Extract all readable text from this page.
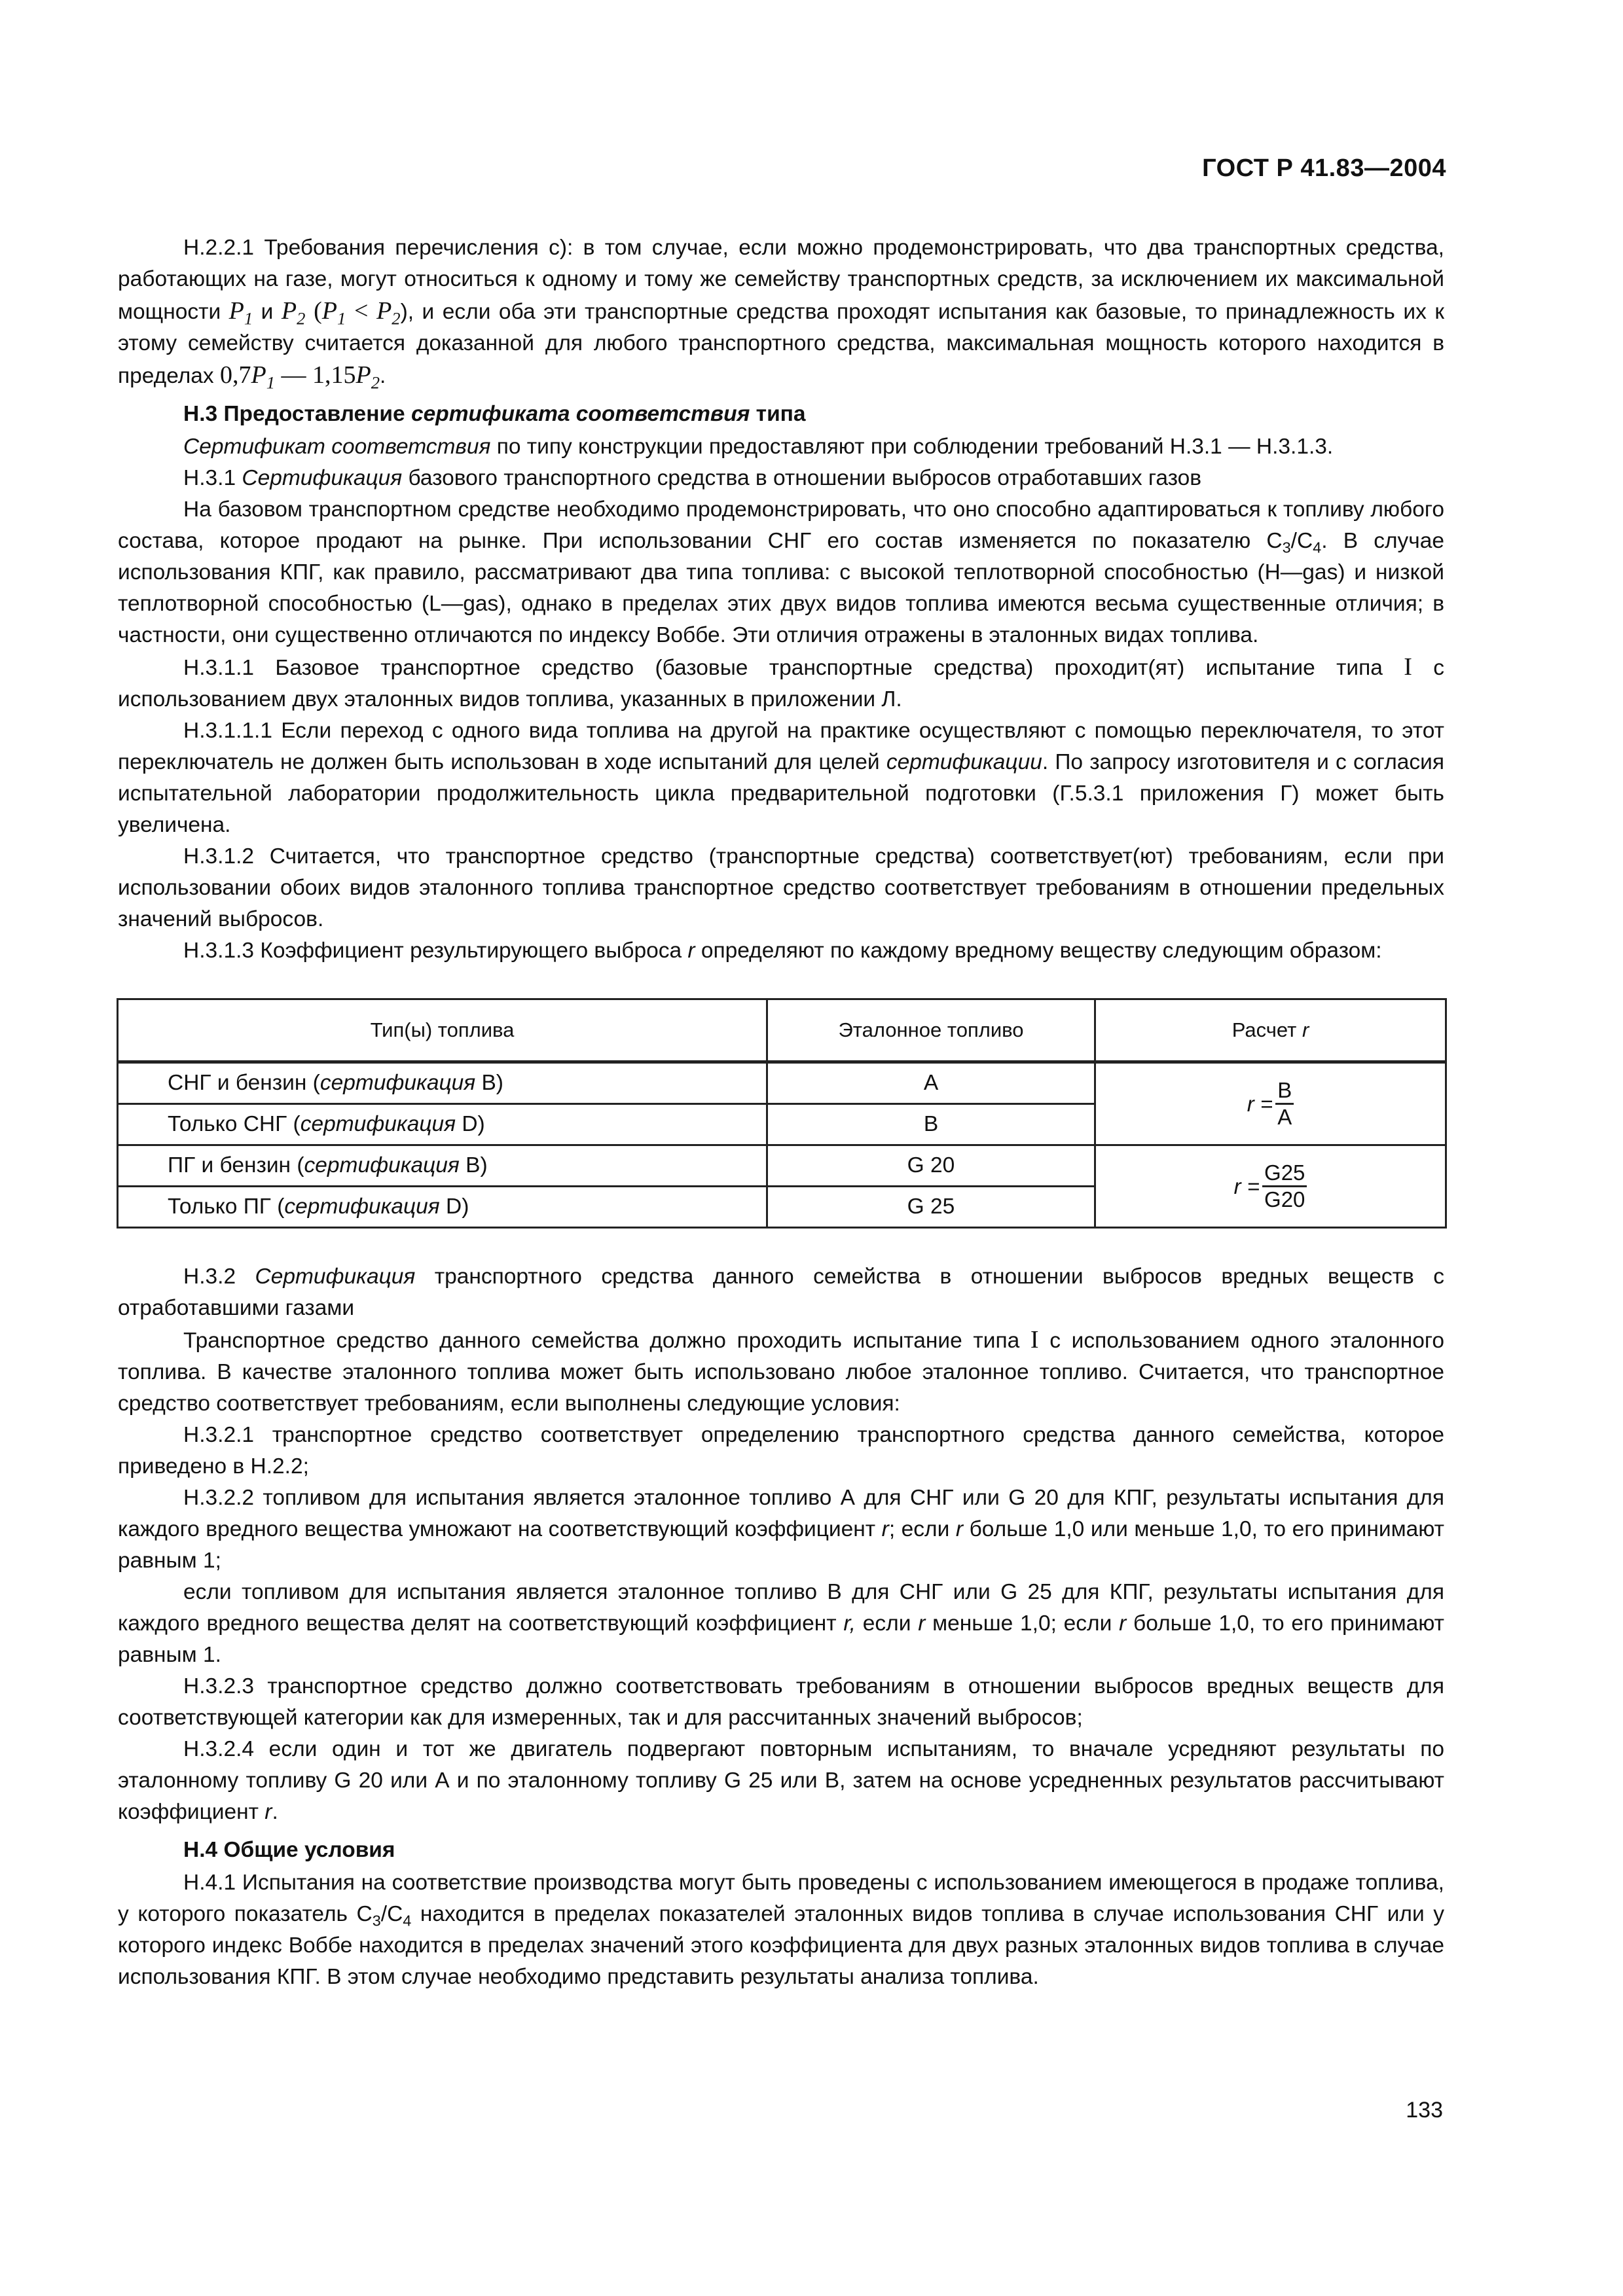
ГОСТ Р 41.83—2004

Н.2.2.1 Требования перечисления с): в том случае, если можно продемонстрировать, что два транспортных средства, работающих на газе, могут относиться к одному и тому же семейству транспортных средств, за исключением их максимальной мощности $P_1$ и $P_2$ $(P_1 < P_2)$, и если оба эти транспортные средства проходят испытания как базовые, то принадлежность их к этому семейству считается доказанной для любого транспортного средства, максимальная мощность которого находится в пределах $0,7P_1$ — $1,15P_2$.

Н.3 Предоставление сертификата соответствия типа

Сертификат соответствия по типу конструкции предоставляют при соблюдении требований Н.3.1 — Н.3.1.3.

Н.3.1 Сертификация базового транспортного средства в отношении выбросов отработавших газов

На базовом транспортном средстве необходимо продемонстрировать, что оно способно адаптироваться к топливу любого состава, которое продают на рынке. При использовании СНГ его состав изменяется по показателю $С_3/С_4$. В случае использования КПГ, как правило, рассматривают два типа топлива: с высокой теплотворной способностью (H—gas) и низкой теплотворной способностью (L—gas), однако в пределах этих двух видов топлива имеются весьма существенные отличия; в частности, они существенно отличаются по индексу Воббе. Эти отличия отражены в эталонных видах топлива.

Н.3.1.1 Базовое транспортное средство (базовые транспортные средства) проходит(ят) испытание типа I с использованием двух эталонных видов топлива, указанных в приложении Л.

Н.3.1.1.1 Если переход с одного вида топлива на другой на практике осуществляют с помощью переключателя, то этот переключатель не должен быть использован в ходе испытаний для целей сертификации. По запросу изготовителя и с согласия испытательной лаборатории продолжительность цикла предварительной подготовки (Г.5.3.1 приложения Г) может быть увеличена.

Н.3.1.2 Считается, что транспортное средство (транспортные средства) соответствует(ют) требованиям, если при использовании обоих видов эталонного топлива транспортное средство соответствует требованиям в отношении предельных значений выбросов.

Н.3.1.3 Коэффициент результирующего выброса r определяют по каждому вредному веществу следующим образом:

Тип(ы) топлива	Эталонное топливо	Расчет r
СНГ и бензин (сертификация В)	А	$r = \frac{B}{A}$

Только СНГ (сертификация D)	В	
ПГ и бензин (сертификация В)	G 20	$r = \frac{G25}{G20}$

Только ПГ (сертификация D)	G 25	

Н.3.2 Сертификация транспортного средства данного семейства в отношении выбросов вредных веществ с отработавшими газами

Транспортное средство данного семейства должно проходить испытание типа I с использованием одного эталонного топлива. В качестве эталонного топлива может быть использовано любое эталонное топливо. Считается, что транспортное средство соответствует требованиям, если выполнены следующие условия:

Н.3.2.1 транспортное средство соответствует определению транспортного средства данного семейства, которое приведено в Н.2.2;

Н.3.2.2 топливом для испытания является эталонное топливо А для СНГ или G 20 для КПГ, результаты испытания для каждого вредного вещества умножают на соответствующий коэффициент r; если r больше 1,0 или меньше 1,0, то его принимают равным 1;

если топливом для испытания является эталонное топливо В для СНГ или G 25 для КПГ, результаты испытания для каждого вредного вещества делят на соответствующий коэффициент r, если r меньше 1,0; если r больше 1,0, то его принимают равным 1.

Н.3.2.3 транспортное средство должно соответствовать требованиям в отношении выбросов вредных веществ для соответствующей категории как для измеренных, так и для рассчитанных значений выбросов;

Н.3.2.4 если один и тот же двигатель подвергают повторным испытаниям, то вначале усредняют результаты по эталонному топливу G 20 или А и по эталонному топливу G 25 или В, затем на основе усредненных результатов рассчитывают коэффициент r.

Н.4 Общие условия

Н.4.1 Испытания на соответствие производства могут быть проведены с использованием имеющегося в продаже топлива, у которого показатель $С_3/С_4$ находится в пределах показателей эталонных видов топлива в случае использования СНГ или у которого индекс Воббе находится в пределах значений этого коэффициента для двух разных эталонных видов топлива в случае использования КПГ. В этом случае необходимо представить результаты анализа топлива.

133
